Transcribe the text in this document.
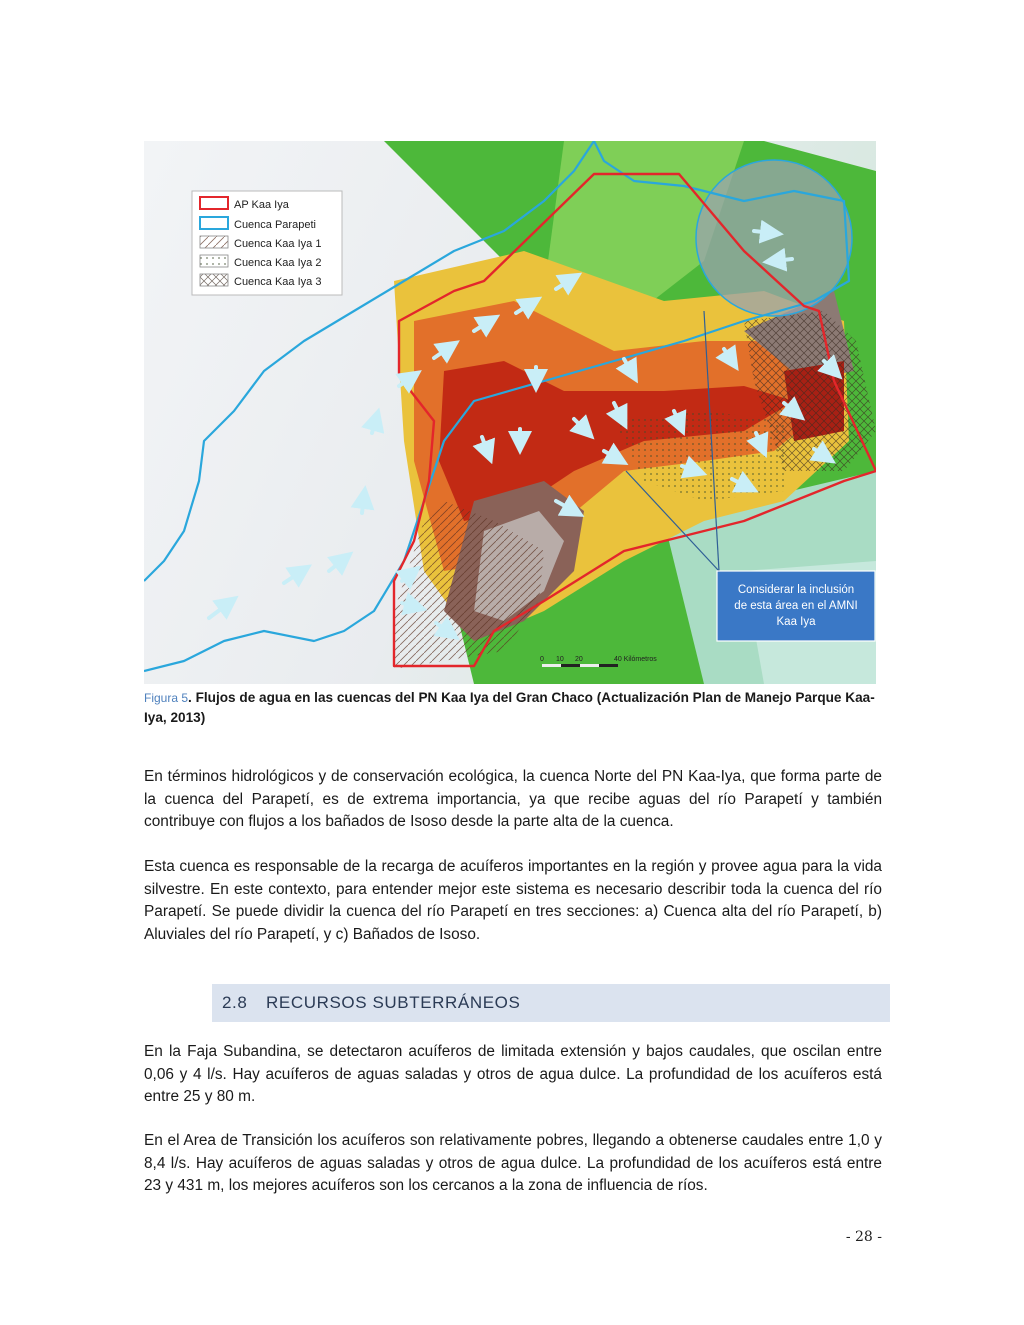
Considerar la inclusión
de esta área en el AMNI
Kaa Iya
0 10 20	40 Kilómetros
AP Kaa Iya
Cuenca Parapeti
Cuenca Kaa Iya 1
Cuenca Kaa Iya 2
Cuenca Kaa Iya 3
Figura 5. Flujos de agua en las cuencas del PN Kaa Iya del Gran Chaco (Actualización Plan de Manejo Parque Kaa-Iya, 2013)

En términos hidrológicos y de conservación ecológica, la cuenca Norte del PN Kaa-Iya, que forma parte de la cuenca del Parapetí, es de extrema importancia, ya que recibe aguas del río Parapetí y también contribuye con flujos a los bañados de Isoso desde la parte alta de la cuenca.

Esta cuenca es responsable de la recarga de acuíferos importantes en la región y provee agua para la vida silvestre. En este contexto, para entender mejor este sistema es necesario describir toda la cuenca del río Parapetí. Se puede dividir la cuenca del río Parapetí en tres secciones: a) Cuenca alta del río Parapetí, b) Aluviales del río Parapetí, y c) Bañados de Isoso.

2.8	RECURSOS SUBTERRÁNEOS

En la Faja Subandina, se detectaron acuíferos de limitada extensión y bajos caudales, que oscilan entre 0,06 y 4 l/s. Hay acuíferos de aguas saladas y otros de agua dulce. La profundidad de los acuíferos está entre 25 y 80 m.

En el Area de Transición los acuíferos son relativamente pobres, llegando a obtenerse caudales entre 1,0 y 8,4 l/s. Hay acuíferos de aguas saladas y otros de agua dulce. La profundidad de los acuíferos está entre 23 y 431 m, los mejores acuíferos son los cercanos a la zona de influencia de ríos.

- 28 -
